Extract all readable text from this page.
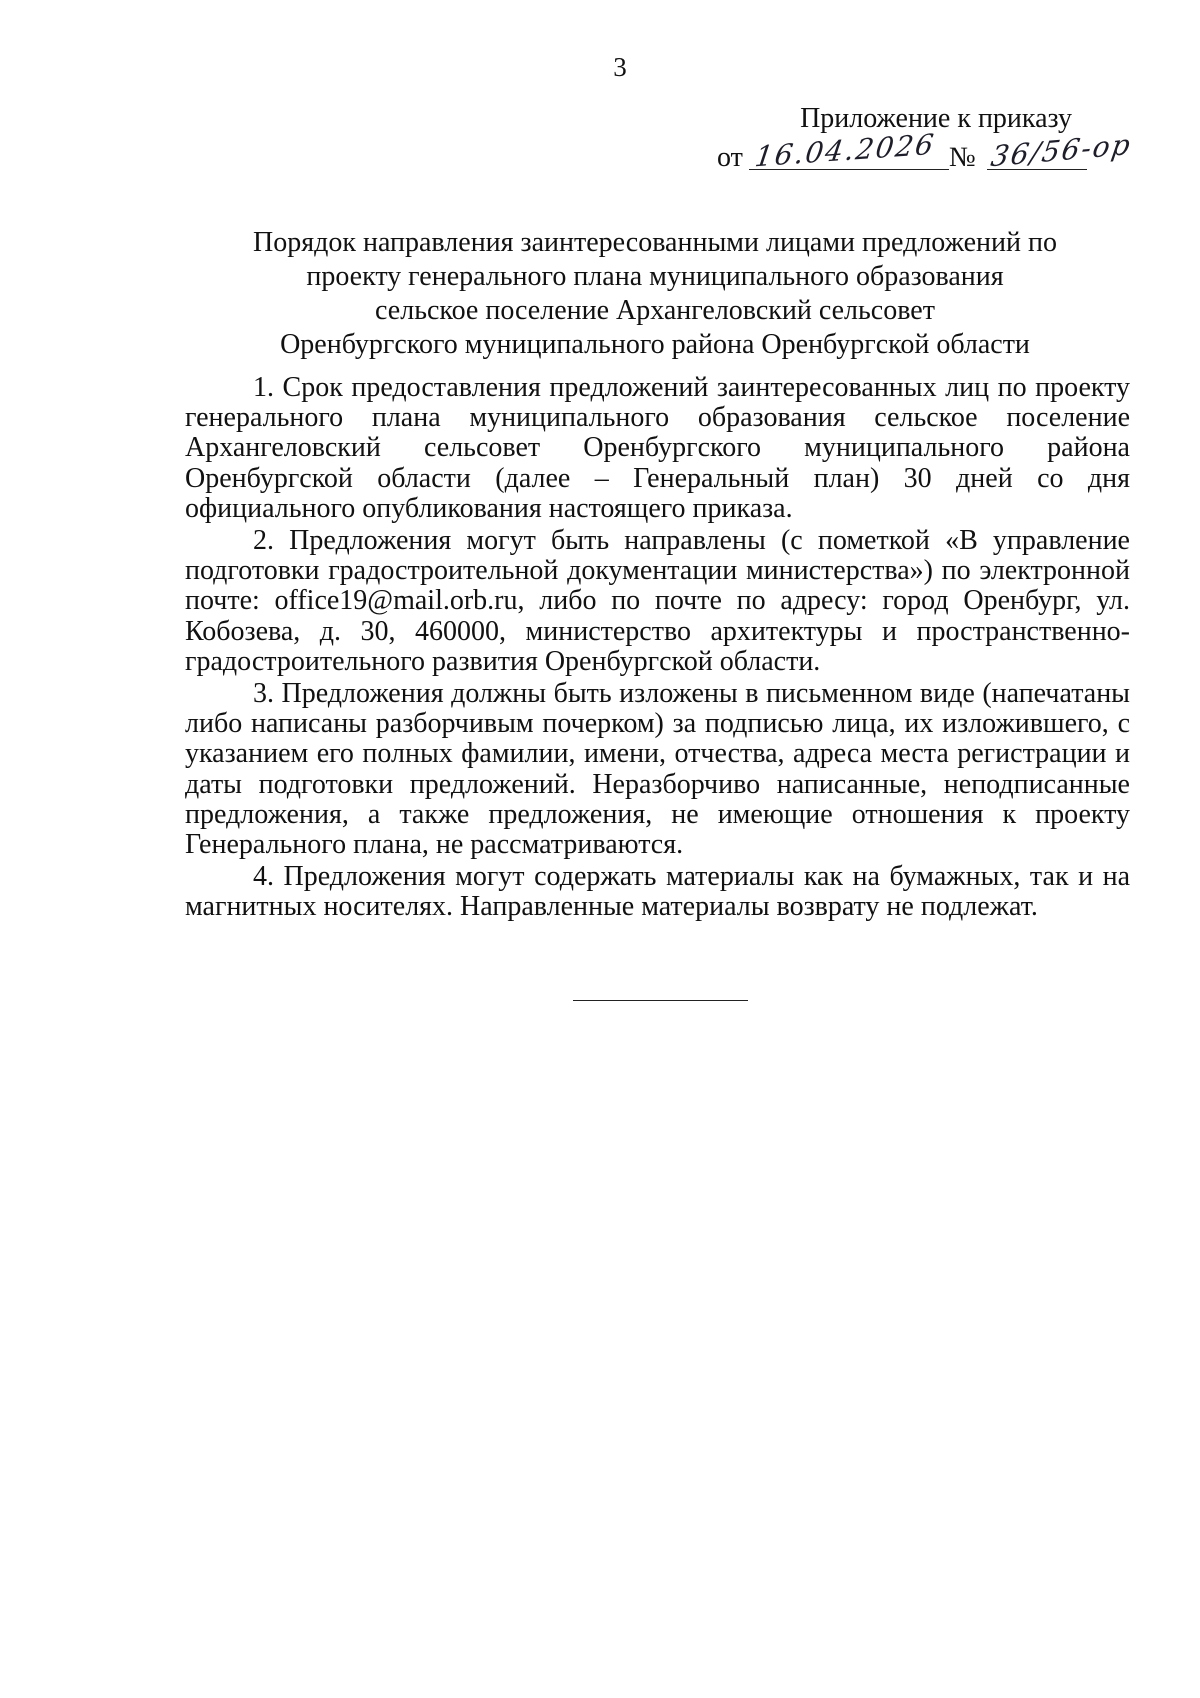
3
Приложение к приказу
от 16.04.2026 № 36/56-ор
Порядок направления заинтересованными лицами предложений по
проекту генерального плана муниципального образования
сельское поселение Архангеловский сельсовет
Оренбургского муниципального района Оренбургской области

1. Срок предоставления предложений заинтересованных лиц по проекту генерального плана муниципального образования сельское поселение Архангеловский сельсовет Оренбургского муниципального района Оренбургской области (далее – Генеральный план) 30 дней со дня официального опубликования настоящего приказа.

2. Предложения могут быть направлены (с пометкой «В управление подготовки градостроительной документации министерства») по электронной почте: office19@mail.orb.ru, либо по почте по адресу: город Оренбург, ул. Кобозева, д. 30, 460000, министерство архитектуры и пространственно-градостроительного развития Оренбургской области.

3. Предложения должны быть изложены в письменном виде (напечатаны либо написаны разборчивым почерком) за подписью лица, их изложившего, с указанием его полных фамилии, имени, отчества, адреса места регистрации и даты подготовки предложений. Неразборчиво написанные, неподписанные предложения, а также предложения, не имеющие отношения к проекту Генерального плана, не рассматриваются.

4. Предложения могут содержать материалы как на бумажных, так и на магнитных носителях. Направленные материалы возврату не подлежат.
